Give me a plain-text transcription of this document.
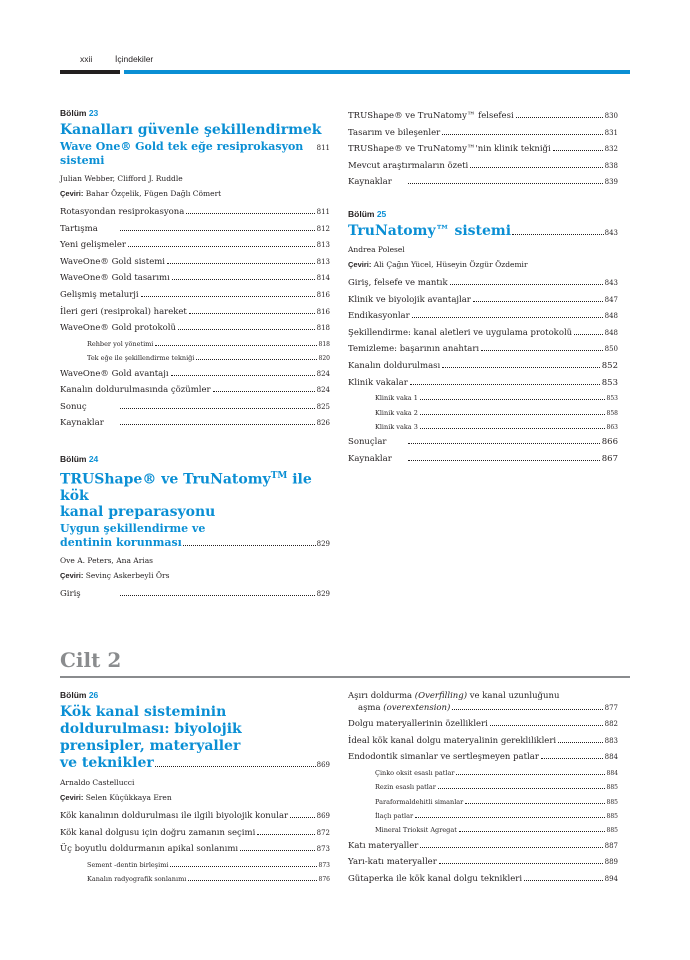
xxii	İçindekiler

Bölüm 23

Kanalları güvenle şekillendirmek

Wave One® Gold tek eğe resiprokasyon sistemi
811

Julian Webber, Clifford J. Ruddle

Çeviri: Bahar Özçelik, Fügen Dağlı Cömert

Rotasyondan resiprokasyona	811
Tartışma	812
Yeni gelişmeler	813
WaveOne® Gold sistemi	813
WaveOne® Gold tasarımı	814
Gelişmiş metalurji	816
İleri geri (resiprokal) hareket	816
WaveOne® Gold protokolü	818
Rehber yol yönetimi	818
Tek eğe ile şekillendirme tekniği	820
WaveOne® Gold avantajı	824
Kanalın doldurulmasında çözümler	824
Sonuç	825
Kaynaklar	826

Bölüm 24

TRUShape® ve TruNatomy™ ile kök
kanal preparasyonu

Uygun şekillendirme ve

dentinin korunması	829

Ove A. Peters, Ana Arias

Çeviri: Sevinç Askerbeyli Örs

Giriş	829
TRUShape® ve TruNatomy™ felsefesi	830
Tasarım ve bileşenler	831
TRUShape® ve TruNatomy™'nin klinik tekniği	832
Mevcut araştırmaların özeti	838
Kaynaklar	839

Bölüm 25

TruNatomy™ sistemi	843

Andrea Polesel

Çeviri: Ali Çağın Yücel, Hüseyin Özgür Özdemir

Giriş, felsefe ve mantık	843
Klinik ve biyolojik avantajlar	847
Endikasyonlar	848
Şekillendirme: kanal aletleri ve uygulama protokolü	848
Temizleme: başarının anahtarı	850
Kanalın doldurulması	852
Klinik vakalar	853
Klinik vaka 1	853
Klinik vaka 2	858
Klinik vaka 3	863
Sonuçlar	866
Kaynaklar	867

Cilt 2

Bölüm 26

Kök kanal sisteminin
doldurulması: biyolojik
prensipler, materyaller

ve teknikler	869

Arnaldo Castellucci

Çeviri: Selen Küçükkaya Eren

Kök kanalının doldurulması ile ilgili biyolojik konular	869
Kök kanal dolgusu için doğru zamanın seçimi	872
Üç boyutlu doldurmanın apikal sonlanımı	873
Sement -dentin birleşimi	873
Kanalın radyografik sonlanımı	876
Aşırı doldurma (Overfilling) ve kanal uzunluğunu
aşma (overextension)	877
Dolgu materyallerinin özellikleri	882
İdeal kök kanal dolgu materyalinin gereklilikleri	883
Endodontik simanlar ve sertleşmeyen patlar	884
Çinko oksit esaslı patlar	884
Rezin esaslı patlar	885
Paraformaldehitli simanlar	885
İlaçlı patlar	885
Mineral Trioksit Agregat	885
Katı materyaller	887
Yarı-katı materyaller	889
Gütaperka ile kök kanal dolgu teknikleri	894
